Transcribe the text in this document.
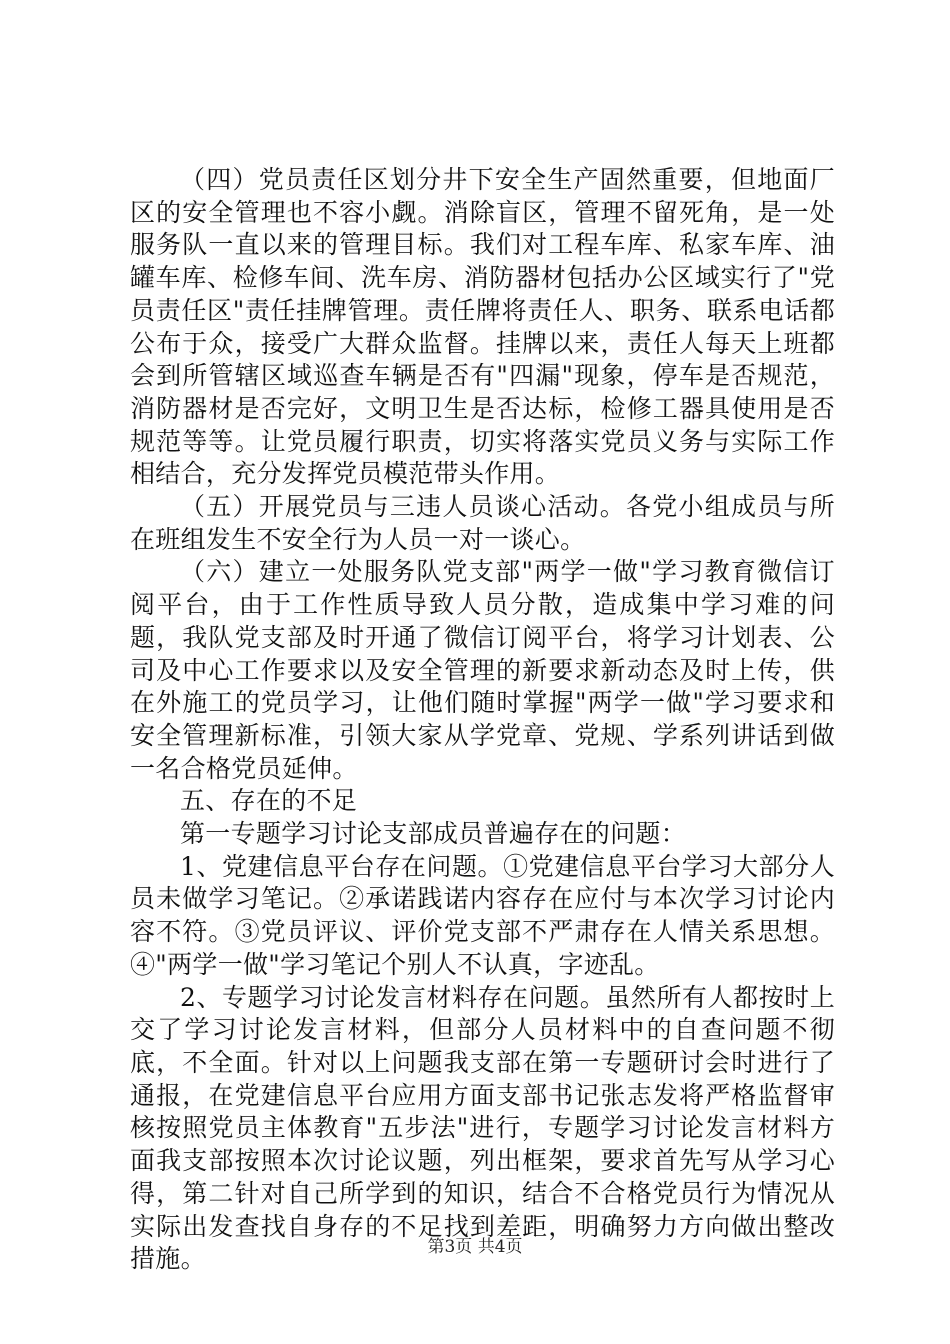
（四）党员责任区划分井下安全生产固然重要，但地面厂区的安全管理也不容小觑。消除盲区，管理不留死角，是一处服务队一直以来的管理目标。我们对工程车库、私家车库、油罐车库、检修车间、洗车房、消防器材包括办公区域实行了"党员责任区"责任挂牌管理。责任牌将责任人、职务、联系电话都公布于众，接受广大群众监督。挂牌以来，责任人每天上班都会到所管辖区域巡查车辆是否有"四漏"现象，停车是否规范，消防器材是否完好，文明卫生是否达标，检修工器具使用是否规范等等。让党员履行职责，切实将落实党员义务与实际工作相结合，充分发挥党员模范带头作用。

（五）开展党员与三违人员谈心活动。各党小组成员与所在班组发生不安全行为人员一对一谈心。

（六）建立一处服务队党支部"两学一做"学习教育微信订阅平台，由于工作性质导致人员分散，造成集中学习难的问题，我队党支部及时开通了微信订阅平台，将学习计划表、公司及中心工作要求以及安全管理的新要求新动态及时上传，供在外施工的党员学习，让他们随时掌握"两学一做"学习要求和安全管理新标准，引领大家从学党章、党规、学系列讲话到做一名合格党员延伸。

五、存在的不足

第一专题学习讨论支部成员普遍存在的问题：

1、党建信息平台存在问题。①党建信息平台学习大部分人员未做学习笔记。②承诺践诺内容存在应付与本次学习讨论内容不符。③党员评议、评价党支部不严肃存在人情关系思想。④"两学一做"学习笔记个别人不认真，字迹乱。

2、专题学习讨论发言材料存在问题。虽然所有人都按时上交了学习讨论发言材料，但部分人员材料中的自查问题不彻底，不全面。针对以上问题我支部在第一专题研讨会时进行了通报，在党建信息平台应用方面支部书记张志发将严格监督审核按照党员主体教育"五步法"进行，专题学习讨论发言材料方面我支部按照本次讨论议题，列出框架，要求首先写从学习心得，第二针对自己所学到的知识，结合不合格党员行为情况从实际出发查找自身存的不足找到差距，明确努力方向做出整改措施。	第3页 共4页
